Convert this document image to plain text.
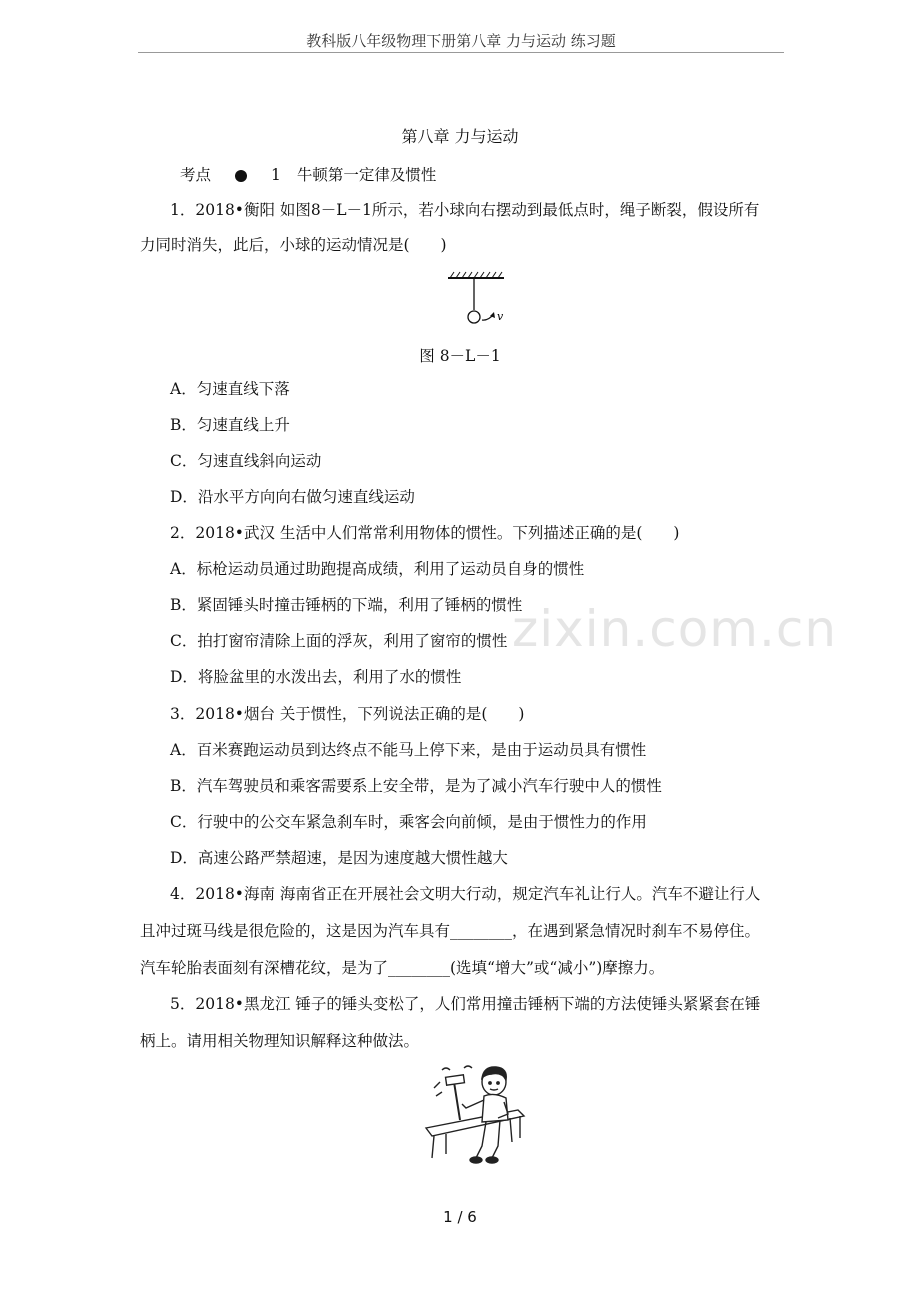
教科版八年级物理下册第八章 力与运动 练习题
第八章 力与运动
考点	1 牛顿第一定律及惯性
1．2018•衡阳 如图8－L－1所示，若小球向右摆动到最低点时，绳子断裂，假设所有
力同时消失，此后，小球的运动情况是(　　)
v
图 8－L－1
A．匀速直线下落
B．匀速直线上升
C．匀速直线斜向运动
D．沿水平方向向右做匀速直线运动
2．2018•武汉 生活中人们常常利用物体的惯性。下列描述正确的是(　　)
A．标枪运动员通过助跑提高成绩，利用了运动员自身的惯性
B．紧固锤头时撞击锤柄的下端，利用了锤柄的惯性
C．拍打窗帘清除上面的浮灰，利用了窗帘的惯性
D．将脸盆里的水泼出去，利用了水的惯性
3．2018•烟台 关于惯性，下列说法正确的是(　　)
A．百米赛跑运动员到达终点不能马上停下来，是由于运动员具有惯性
B．汽车驾驶员和乘客需要系上安全带，是为了减小汽车行驶中人的惯性
C．行驶中的公交车紧急刹车时，乘客会向前倾，是由于惯性力的作用
D．高速公路严禁超速，是因为速度越大惯性越大
4．2018•海南 海南省正在开展社会文明大行动，规定汽车礼让行人。汽车不避让行人
且冲过斑马线是很危险的，这是因为汽车具有________，在遇到紧急情况时刹车不易停住。
汽车轮胎表面刻有深槽花纹，是为了________(选填“增大”或“减小”)摩擦力。
5．2018•黑龙江 锤子的锤头变松了，人们常用撞击锤柄下端的方法使锤头紧紧套在锤
柄上。请用相关物理知识解释这种做法。
zixin.com.cn
1 / 6
